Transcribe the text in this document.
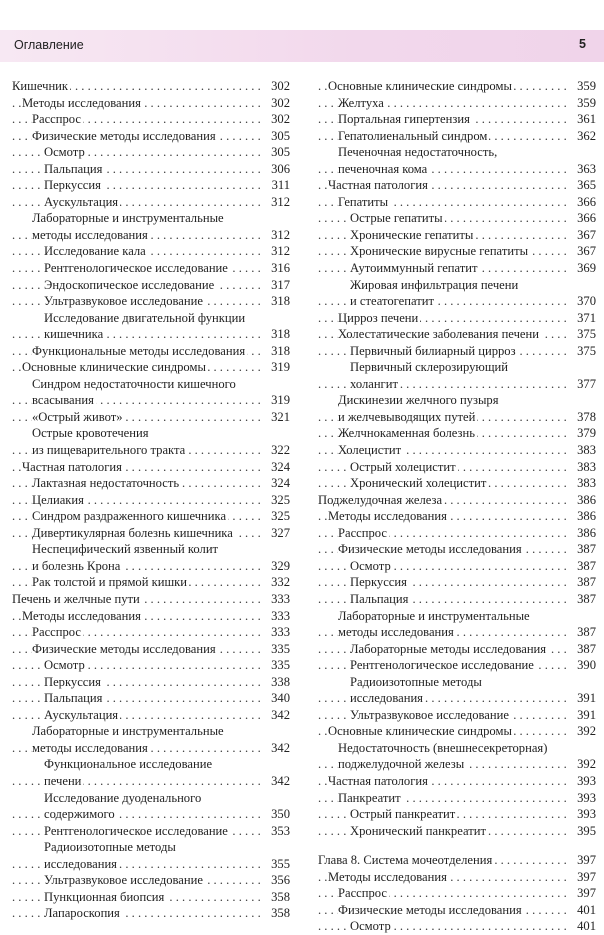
Оглавление	5
Кишечник	302
. . .
Методы исследования	302
. . .
Расспрос	302
. . .
Физические методы исследования	305
. . .
Осмотр	305
. . .
Пальпация	306
. . .
Перкуссия	311
. . .
Аускультация	312
. . .
Лабораторные и инструментальные
методы исследования	312
. . .
Исследование кала	312
. . .
Рентгенологическое исследование	316
. . .
Эндоскопическое исследование	317
. . .
Ультразвуковое исследование	318
. . .
Исследование двигательной функции
кишечника	318
. . .
Функциональные методы исследования 318
. . .
Основные клинические синдромы	319
. . .
Синдром недостаточности кишечного
всасывания	319
. . .
«Острый живот»	321
. . .
Острые кровотечения
из пищеварительного тракта	322
. . .
Частная патология	324
. . .
Лактазная недостаточность	324
. . .
Целиакия	325
. . .
Синдром раздраженного кишечника	325
. . .
Дивертикулярная болезнь кишечника	327
. . .
Неспецифический язвенный колит
и болезнь Крона	329
. . .
Рак толстой и прямой кишки	332
. . .
Печень и желчные пути	333
. . .
Методы исследования	333
. . .
Расспрос	333
. . .
Физические методы исследования	335
. . .
Осмотр	335
. . .
Перкуссия	338
. . .
Пальпация	340
. . .
Аускультация	342
. . .
Лабораторные и инструментальные
методы исследования	342
. . .
Функциональное исследование
печени	342
. . .
Исследование дуоденального
содержимого	350
. . .
Рентгенологическое исследование	353
. . .
Радиоизотопные методы
исследования	355
. . .
Ультразвуковое исследование	356
. . .
Пункционная биопсия	358
. . .
Лапароскопия	358
. . .
Основные клинические синдромы	359
. . .
Желтуха	359
. . .
Портальная гипертензия	361
. . .
Гепатолиенальный синдром	362
. . .
Печеночная недостаточность,
печеночная кома	363
. . .
Частная патология	365
. . .
Гепатиты	366
. . .
Острые гепатиты	366
. . .
Хронические гепатиты	367
. . .
Хронические вирусные гепатиты	367
. . .
Аутоиммунный гепатит	369
. . .
Жировая инфильтрация печени
и стеатогепатит	370
. . .
Цирроз печени	371
. . .
Холестатические заболевания печени	375
. . .
Первичный билиарный цирроз	375
. . .
Первичный склерозирующий
холангит	377
. . .
Дискинезии желчного пузыря
и желчевыводящих путей	378
. . .
Желчнокаменная болезнь	379
. . .
Холецистит	383
. . .
Острый холецистит	383
. . .
Хронический холецистит	383
. . .
Поджелудочная железа	386
. . .
Методы исследования	386
. . .
Расспрос	386
. . .
Физические методы исследования	387
. . .
Осмотр	387
. . .
Перкуссия	387
. . .
Пальпация	387
. . .
Лабораторные и инструментальные
методы исследования	387
. . .
Лабораторные методы исследования 387
. . .
Рентгенологическое исследование	390
. . .
Радиоизотопные методы
исследования	391
. . .
Ультразвуковое исследование	391
. . .
Основные клинические синдромы	392
. . .
Недостаточность (внешнесекреторная)
поджелудочной железы	392
. . .
Частная патология	393
. . .
Панкреатит	393
. . .
Острый панкреатит	393
. . .
Хронический панкреатит	395
. . .
Глава 8. Система мочеотделения	397
. . .
Методы исследования	397
. . .
Расспрос	397
. . .
Физические методы исследования	401
. . .
Осмотр	401
. . .
